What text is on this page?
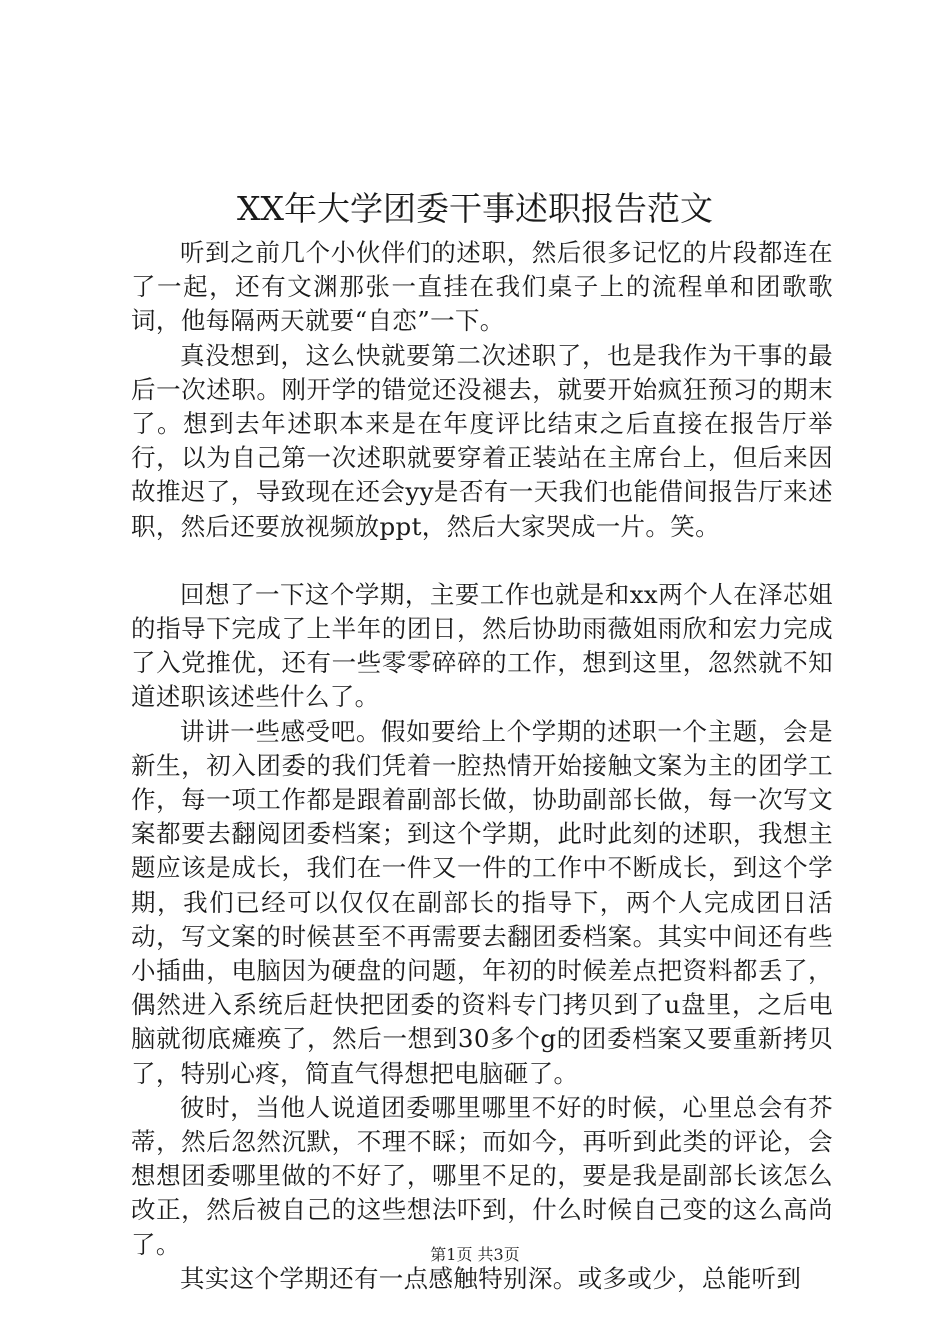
XX年大学团委干事述职报告范文

听到之前几个小伙伴们的述职，然后很多记忆的片段都连在了一起，还有文渊那张一直挂在我们桌子上的流程单和团歌歌词，他每隔两天就要“自恋”一下。

真没想到，这么快就要第二次述职了，也是我作为干事的最后一次述职。刚开学的错觉还没褪去，就要开始疯狂预习的期末了。想到去年述职本来是在年度评比结束之后直接在报告厅举行，以为自己第一次述职就要穿着正装站在主席台上，但后来因故推迟了，导致现在还会yy是否有一天我们也能借间报告厅来述职，然后还要放视频放ppt，然后大家哭成一片。笑。

回想了一下这个学期，主要工作也就是和xx两个人在泽芯姐的指导下完成了上半年的团日，然后协助雨薇姐雨欣和宏力完成了入党推优，还有一些零零碎碎的工作，想到这里，忽然就不知道述职该述些什么了。

讲讲一些感受吧。假如要给上个学期的述职一个主题，会是新生，初入团委的我们凭着一腔热情开始接触文案为主的团学工作，每一项工作都是跟着副部长做，协助副部长做，每一次写文案都要去翻阅团委档案；到这个学期，此时此刻的述职，我想主题应该是成长，我们在一件又一件的工作中不断成长，到这个学期，我们已经可以仅仅在副部长的指导下，两个人完成团日活动，写文案的时候甚至不再需要去翻团委档案。其实中间还有些小插曲，电脑因为硬盘的问题，年初的时候差点把资料都丢了，偶然进入系统后赶快把团委的资料专门拷贝到了u盘里，之后电脑就彻底瘫痪了，然后一想到30多个g的团委档案又要重新拷贝了，特别心疼，简直气得想把电脑砸了。

彼时，当他人说道团委哪里哪里不好的时候，心里总会有芥蒂，然后忽然沉默，不理不睬；而如今，再听到此类的评论，会想想团委哪里做的不好了，哪里不足的，要是我是副部长该怎么改正，然后被自己的这些想法吓到，什么时候自己变的这么高尚了。

其实这个学期还有一点感触特别深。或多或少，总能听到

第1页 共3页
